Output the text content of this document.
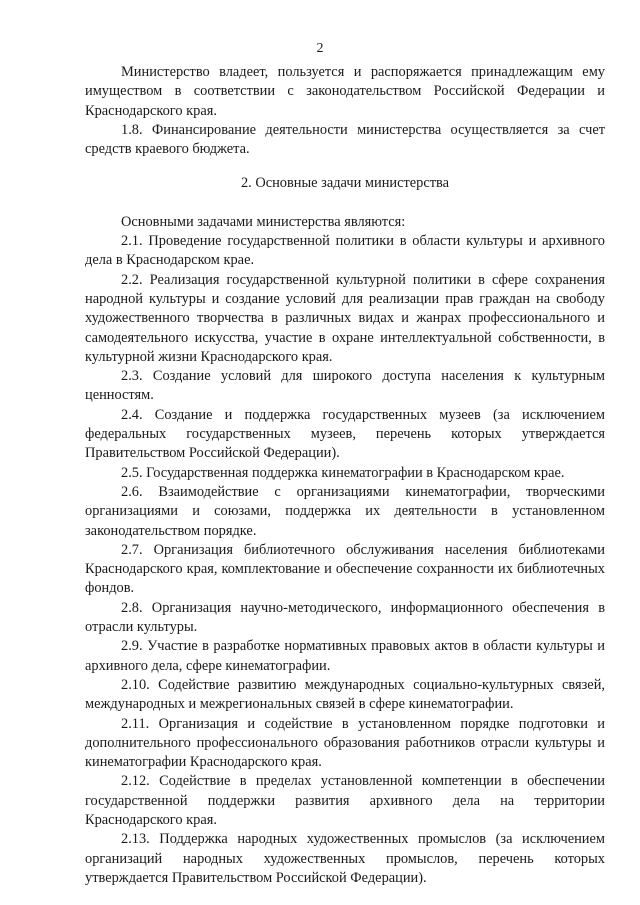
2

Министерство владеет, пользуется и распоряжается принадлежащим ему имуществом в соответствии с законодательством Российской Федерации и Краснодарского края.

1.8. Финансирование деятельности министерства осуществляется за счет средств краевого бюджета.

2. Основные задачи министерства

Основными задачами министерства являются:

2.1. Проведение государственной политики в области культуры и архивного дела в Краснодарском крае.

2.2. Реализация государственной культурной политики в сфере сохранения народной культуры и создание условий для реализации прав граждан на свободу художественного творчества в различных видах и жанрах профессионального и самодеятельного искусства, участие в охране интеллектуальной собственности, в культурной жизни Краснодарского края.

2.3. Создание условий для широкого доступа населения к культурным ценностям.

2.4. Создание и поддержка государственных музеев (за исключением федеральных государственных музеев, перечень которых утверждается Правительством Российской Федерации).

2.5. Государственная поддержка кинематографии в Краснодарском крае.

2.6. Взаимодействие с организациями кинематографии, творческими организациями и союзами, поддержка их деятельности в установленном законодательством порядке.

2.7. Организация библиотечного обслуживания населения библиотеками Краснодарского края, комплектование и обеспечение сохранности их библиотечных фондов.

2.8. Организация научно-методического, информационного обеспечения в отрасли культуры.

2.9. Участие в разработке нормативных правовых актов в области культуры и архивного дела, сфере кинематографии.

2.10. Содействие развитию международных социально-культурных связей, международных и межрегиональных связей в сфере кинематографии.

2.11. Организация и содействие в установленном порядке подготовки и дополнительного профессионального образования работников отрасли культуры и кинематографии Краснодарского края.

2.12. Содействие в пределах установленной компетенции в обеспечении государственной поддержки развития архивного дела на территории Краснодарского края.

2.13. Поддержка народных художественных промыслов (за исключением организаций народных художественных промыслов, перечень которых утверждается Правительством Российской Федерации).
